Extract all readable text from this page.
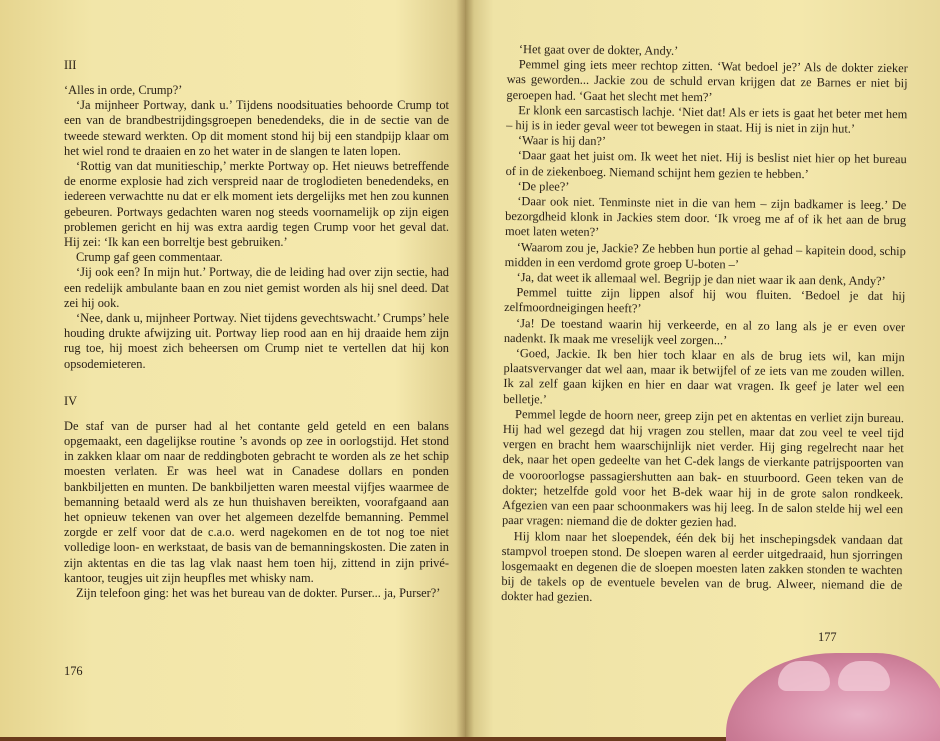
III

‘Alles in orde, Crump?’

‘Ja mijnheer Portway, dank u.’ Tijdens noodsituaties behoorde Crump tot een van de brandbestrijdingsgroepen benedendeks, die in de sectie van de tweede steward werkten. Op dit moment stond hij bij een standpijp klaar om het wiel rond te draaien en zo het water in de slangen te laten lopen.

‘Rottig van dat munitieschip,’ merkte Portway op. Het nieuws betreffende de enorme explosie had zich verspreid naar de troglodieten benedendeks, en iedereen verwachtte nu dat er elk moment iets dergelijks met hen zou kunnen gebeuren. Portways gedachten waren nog steeds voornamelijk op zijn eigen problemen gericht en hij was extra aardig tegen Crump voor het geval dat. Hij zei: ‘Ik kan een borreltje best gebruiken.’

Crump gaf geen commentaar.

‘Jij ook een? In mijn hut.’ Portway, die de leiding had over zijn sectie, had een redelijk ambulante baan en zou niet gemist worden als hij snel deed. Dat zei hij ook.

‘Nee, dank u, mijnheer Portway. Niet tijdens gevechtswacht.’ Crumps’ hele houding drukte afwijzing uit. Portway liep rood aan en hij draaide hem zijn rug toe, hij moest zich beheersen om Crump niet te vertellen dat hij kon opsodemieteren.

IV

De staf van de purser had al het contante geld geteld en een balans opgemaakt, een dagelijkse routine ’s avonds op zee in oorlogstijd. Het stond in zakken klaar om naar de reddingboten gebracht te worden als ze het schip moesten verlaten. Er was heel wat in Canadese dollars en ponden bankbiljetten en munten. De bankbiljetten waren meestal vijfjes waarmee de bemanning betaald werd als ze hun thuishaven bereikten, voorafgaand aan het opnieuw tekenen van over het algemeen dezelfde bemanning. Pemmel zorgde er zelf voor dat de c.a.o. werd nagekomen en de tot nog toe niet volledige loon- en werkstaat, de basis van de bemanningskosten. Die zaten in zijn aktentas en die tas lag vlak naast hem toen hij, zittend in zijn privé-kantoor, teugjes uit zijn heupfles met whisky nam.

Zijn telefoon ging: het was het bureau van de dokter. Purser... ja, Purser?’

176

‘Het gaat over de dokter, Andy.’

Pemmel ging iets meer rechtop zitten. ‘Wat bedoel je?’ Als de dokter zieker was geworden... Jackie zou de schuld ervan krijgen dat ze Barnes er niet bij geroepen had. ‘Gaat het slecht met hem?’

Er klonk een sarcastisch lachje. ‘Niet dat! Als er iets is gaat het beter met hem – hij is in ieder geval weer tot bewegen in staat. Hij is niet in zijn hut.’

‘Waar is hij dan?’

‘Daar gaat het juist om. Ik weet het niet. Hij is beslist niet hier op het bureau of in de ziekenboeg. Niemand schijnt hem gezien te hebben.’

‘De plee?’

‘Daar ook niet. Tenminste niet in die van hem – zijn badkamer is leeg.’ De bezorgdheid klonk in Jackies stem door. ‘Ik vroeg me af of ik het aan de brug moet laten weten?’

‘Waarom zou je, Jackie? Ze hebben hun portie al gehad – kapitein dood, schip midden in een verdomd grote groep U-boten –’

‘Ja, dat weet ik allemaal wel. Begrijp je dan niet waar ik aan denk, Andy?’

Pemmel tuitte zijn lippen alsof hij wou fluiten. ‘Bedoel je dat hij zelfmoordneigingen heeft?’

‘Ja! De toestand waarin hij verkeerde, en al zo lang als je er even over nadenkt. Ik maak me vreselijk veel zorgen...’

‘Goed, Jackie. Ik ben hier toch klaar en als de brug iets wil, kan mijn plaatsvervanger dat wel aan, maar ik betwijfel of ze iets van me zouden willen. Ik zal zelf gaan kijken en hier en daar wat vragen. Ik geef je later wel een belletje.’

Pemmel legde de hoorn neer, greep zijn pet en aktentas en verliet zijn bureau. Hij had wel gezegd dat hij vragen zou stellen, maar dat zou veel te veel tijd vergen en bracht hem waarschijnlijk niet verder. Hij ging regelrecht naar het dek, naar het open gedeelte van het C-dek langs de vierkante patrijspoorten van de vooroorlogse passagiershutten aan bak- en stuurboord. Geen teken van de dokter; hetzelfde gold voor het B-dek waar hij in de grote salon rondkeek. Afgezien van een paar schoonmakers was hij leeg. In de salon stelde hij wel een paar vragen: niemand die de dokter gezien had.

Hij klom naar het sloependek, één dek bij het inschepingsdek vandaan dat stampvol troepen stond. De sloepen waren al eerder uitgedraaid, hun sjorringen losgemaakt en degenen die de sloepen moesten laten zakken stonden te wachten bij de takels op de eventuele bevelen van de brug. Alweer, niemand die de dokter had gezien.

177
